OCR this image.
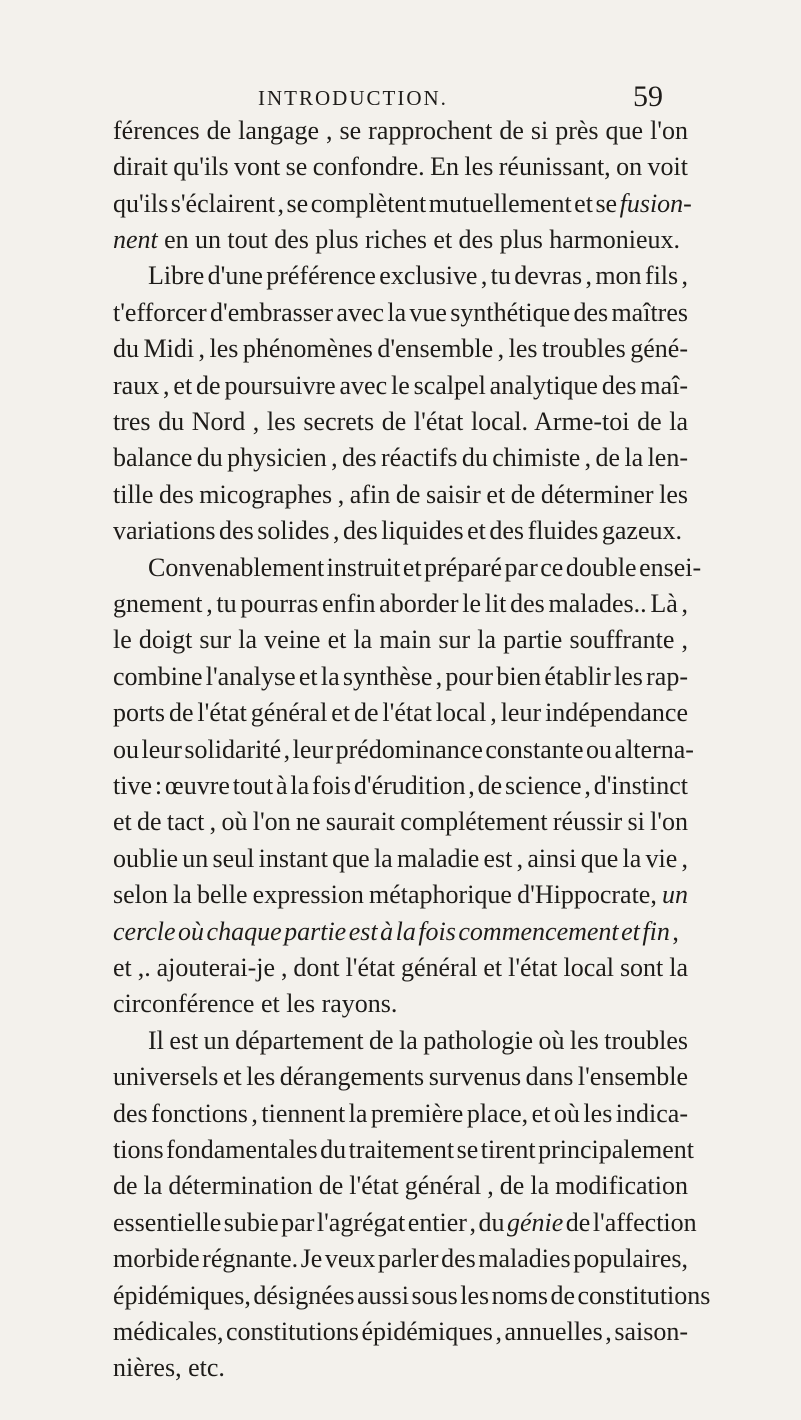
INTRODUCTION.	59
férences de langage , se rapprochent de si près que l'on
dirait qu'ils vont se confondre. En les réunissant, on voit
qu'ils s'éclairent , se complètent mutuellement et se fusion-
nent en un tout des plus riches et des plus harmonieux.
Libre d'une préférence exclusive , tu devras , mon fils ,
t'efforcer d'embrasser avec la vue synthétique des maîtres
du Midi , les phénomènes d'ensemble , les troubles géné-
raux , et de poursuivre avec le scalpel analytique des maî-
tres du Nord , les secrets de l'état local. Arme-toi de la
balance du physicien , des réactifs du chimiste , de la len-
tille des micographes , afin de saisir et de déterminer les
variations des solides , des liquides et des fluides gazeux.
Convenablement instruit et préparé par ce double ensei-
gnement , tu pourras enfin aborder le lit des malades.. Là ,
le doigt sur la veine et la main sur la partie souffrante ,
combine l'analyse et la synthèse , pour bien établir les rap-
ports de l'état général et de l'état local , leur indépendance
ou leur solidarité , leur prédominance constante ou alterna-
tive : œuvre tout à la fois d'érudition , de science , d'instinct
et de tact , où l'on ne saurait complétement réussir si l'on
oublie un seul instant que la maladie est , ainsi que la vie ,
selon la belle expression métaphorique d'Hippocrate, un
cercle où chaque partie est à la fois commencement et fin ,
et ,. ajouterai-je , dont l'état général et l'état local sont la
circonférence et les rayons.
Il est un département de la pathologie où les troubles
universels et les dérangements survenus dans l'ensemble
des fonctions , tiennent la première place, et où les indica-
tions fondamentales du traitement se tirent principalement
de la détermination de l'état général , de la modification
essentielle subie par l'agrégat entier , du génie de l'affection
morbide régnante. Je veux parler des maladies populaires,
épidémiques, désignées aussi sous les noms de constitutions
médicales, constitutions épidémiques , annuelles , saison-
nières, etc.
